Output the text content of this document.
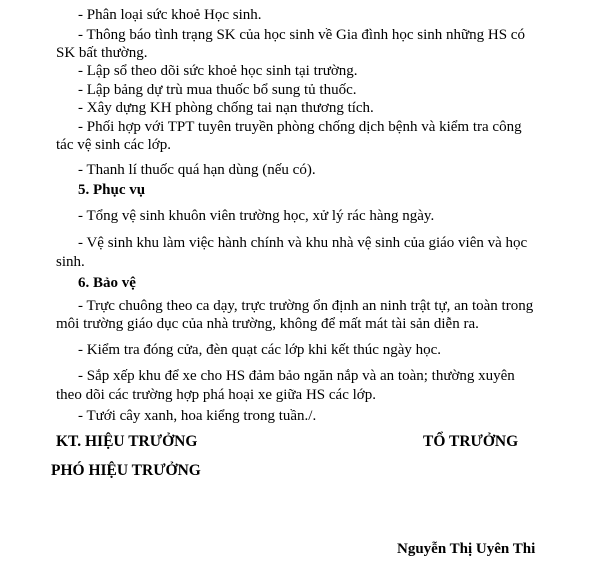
- Phân loại sức khoẻ Học sinh.
- Thông báo tình trạng SK của học sinh về Gia đình học sinh những HS có
SK bất thường.
- Lập sổ theo dõi sức khoẻ học sinh tại trường.
- Lập bảng dự trù mua thuốc bổ sung tủ thuốc.
- Xây dựng KH phòng chống tai nạn thương tích.
- Phối hợp với TPT tuyên truyền phòng chống dịch bệnh và kiểm tra công
tác vệ sinh các lớp.
- Thanh lí thuốc quá hạn dùng (nếu có).
5. Phục vụ
- Tổng vệ sinh khuôn viên trường học, xử lý rác hàng ngày.
- Vệ sinh khu làm việc hành chính và khu nhà vệ sinh của giáo viên và học
sinh.
6. Bảo vệ
- Trực chuông theo ca dạy, trực trường ổn định an ninh trật tự, an toàn trong
môi trường giáo dục của nhà trường, không để mất mát tài sản diễn ra.
- Kiểm tra đóng cửa, đèn quạt các lớp khi kết thúc ngày học.
- Sắp xếp khu để xe cho HS đảm bảo ngăn nắp và an toàn; thường xuyên
theo dõi các trường hợp phá hoại xe giữa HS các lớp.
- Tưới cây xanh, hoa kiểng trong tuần./.
KT. HIỆU TRƯỞNG	TỔ TRƯỞNG
PHÓ HIỆU TRƯỞNG
Nguyễn Thị Uyên Thi
